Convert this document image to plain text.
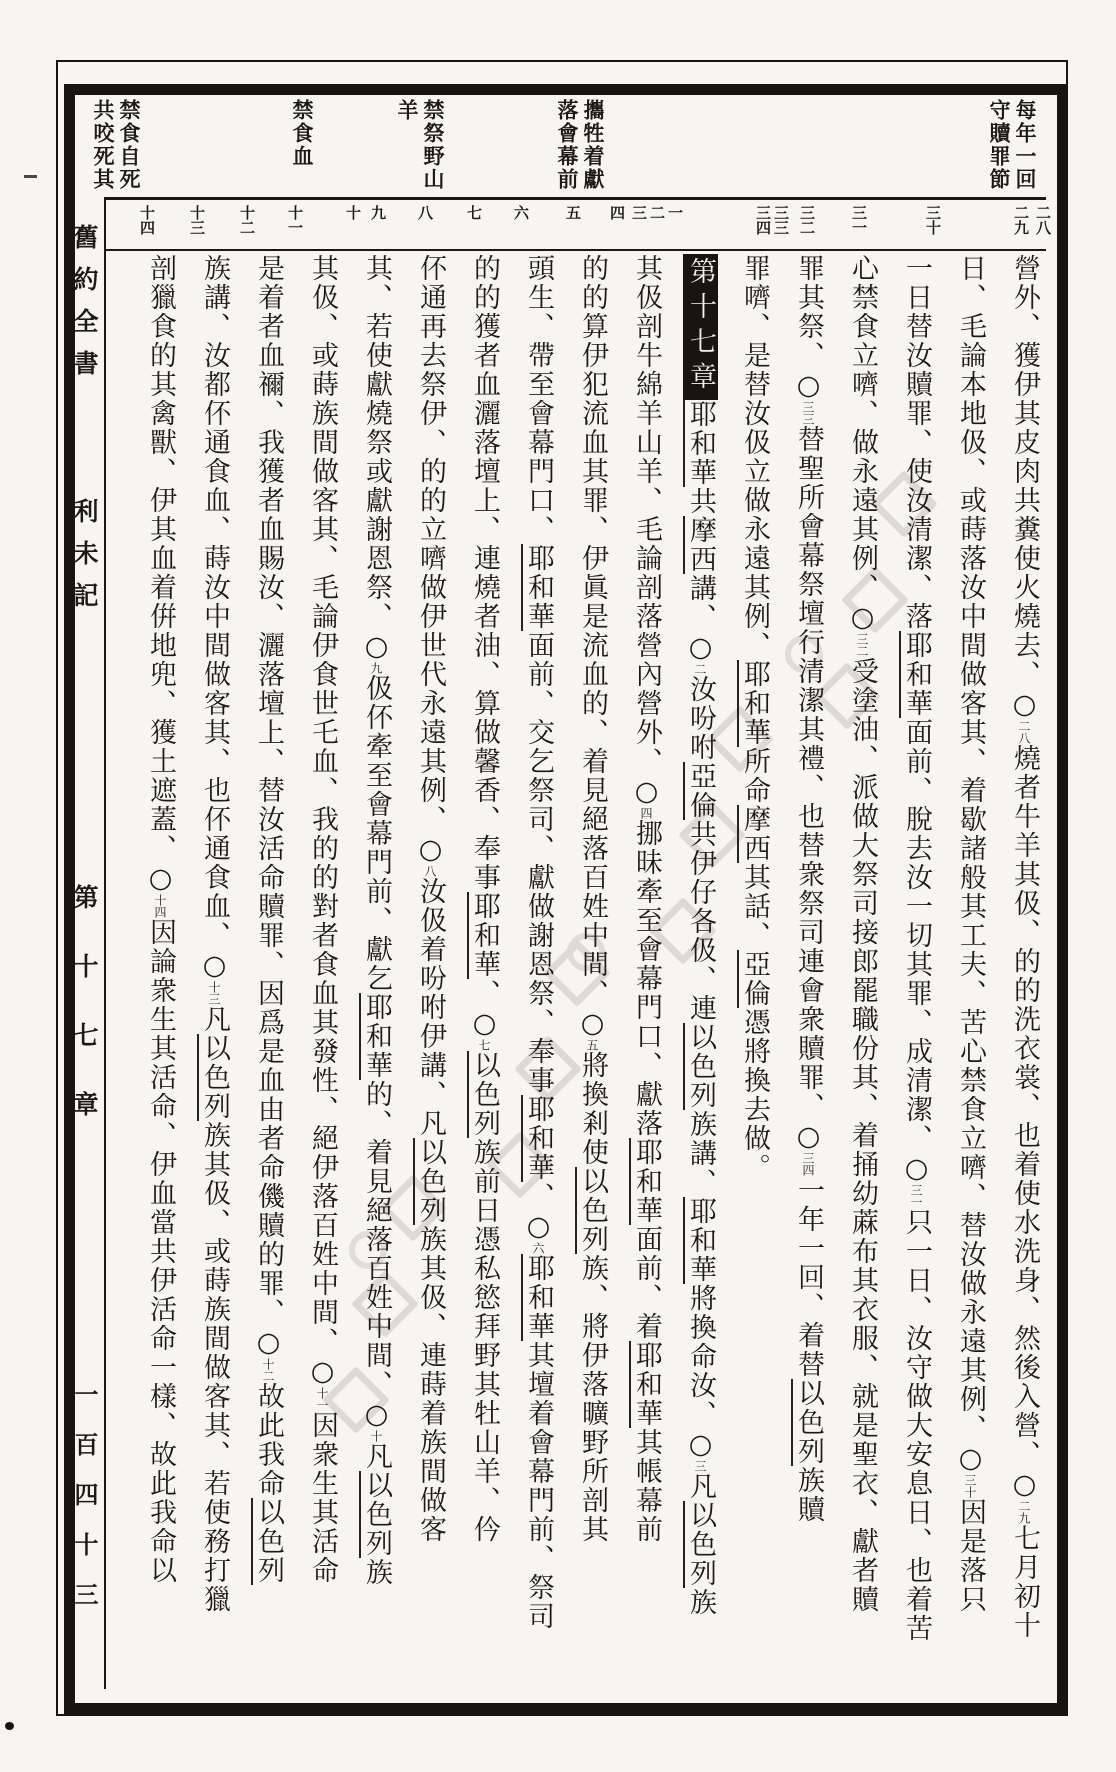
每年一回
守贖罪節
攜牲着獻
落會幕前
禁祭野山
羊
禁食血
禁食自死
共咬死其
二八
二九
三十
三一
三二
三三
三四
一
二
三
四
五
六
七
八
九
十
十一
十二
十三
十四
營外、獲伊其皮肉共糞使火燒去、○二八燒者牛羊其伋、的的洗衣裳、也着使水洗身、然後入營、○二九七月初十
日、毛論本地伋、或蒔落汝中間做客其、着歇諸般其工夫、苦心禁食立嚌、替汝做永遠其例、○三十因是落只
一日替汝贖罪、使汝清潔、落耶和華面前、脫去汝一切其罪、成清潔、○三一只一日、汝守做大安息日、也着苦
心禁食立嚌、做永遠其例、○三二受塗油、派做大祭司接郎罷職份其、着捅幼蔴布其衣服、就是聖衣、獻者贖
罪其祭、○三三替聖所會幕祭壇行清潔其禮、也替衆祭司連會衆贖罪、○三四一年一回、着替以色列族贖
罪嚌、是替汝伋立做永遠其例、耶和華所命摩西其話、亞倫憑將換去做。
第十七章耶和華共摩西講、○二汝吩咐亞倫共伊仔各伋、連以色列族講、耶和華將換命汝、○三凡以色列族
其伋剖牛綿羊山羊、毛論剖落營內營外、○四挪昧牽至會幕門口、獻落耶和華面前、着耶和華其帳幕前
的的算伊犯流血其罪、伊眞是流血的、着見絕落百姓中間、○五將換剎使以色列族、將伊落曠野所剖其
頭生、帶至會幕門口、耶和華面前、交乞祭司、獻做謝恩祭、奉事耶和華、○六耶和華其壇着會幕門前、祭司
的的獲者血灑落壇上、連燒者油、算做馨香、奉事耶和華、○七以色列族前日憑私慾拜野其牡山羊、仱
伓通再去祭伊、的的立嚌做伊世代永遠其例、○八汝伋着吩咐伊講、凡以色列族其伋、連蒔着族間做客
其、若使獻燒祭或獻謝恩祭、○九伋伓牽至會幕門前、獻乞耶和華的、着見絕落百姓中間、○十凡以色列族
其伋、或蒔族間做客其、毛論伊食世乇血、我的的對者食血其發性、絕伊落百姓中間、○十一因衆生其活命
是着者血禰、我獲者血賜汝、灑落壇上、替汝活命贖罪、因爲是血由者命僟贖的罪、○十二故此我命以色列
族講、汝都伓通食血、蒔汝中間做客其、也伓通食血、○十三凡以色列族其伋、或蒔族間做客其、若使務打獵
剖獵食的其禽獸、伊其血着倂地兜、獲土遮蓋、○十四因論衆生其活命、伊血當共伊活命一樣、故此我命以
舊約全書
利未記
第十七章
一百四十三
